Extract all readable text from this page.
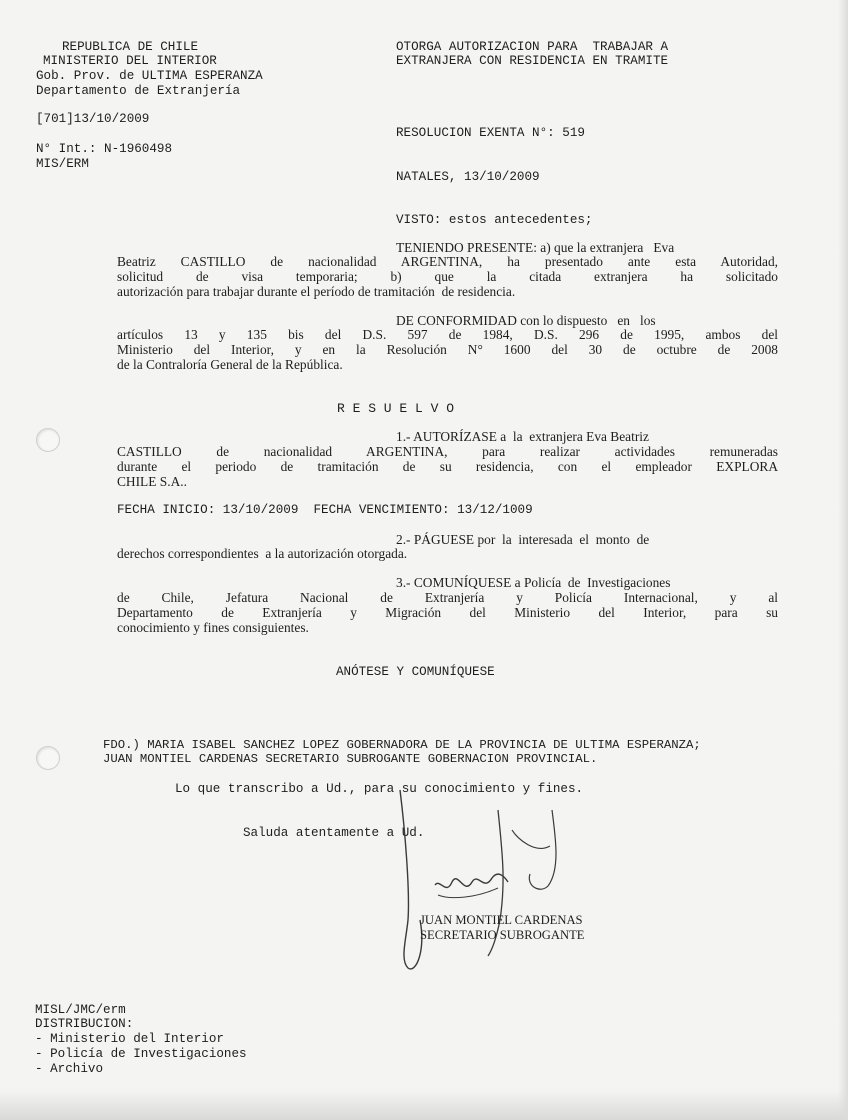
REPUBLICA DE CHILE
MINISTERIO DEL INTERIOR
Gob. Prov. de ULTIMA ESPERANZA
Departamento de Extranjería
[701]13/10/2009
N° Int.: N-1960498
MIS/ERM
OTORGA AUTORIZACION PARA  TRABAJAR A
EXTRANJERA CON RESIDENCIA EN TRAMITE
RESOLUCION EXENTA N°: 519
NATALES, 13/10/2009
VISTO: estos antecedentes;
TENIENDO PRESENTE: a) que la extranjera   Eva
Beatriz CASTILLO de nacionalidad ARGENTINA, ha presentado ante esta Autoridad,
solicitud de visa temporaria; b) que la citada extranjera ha solicitado
autorización para trabajar durante el período de tramitación  de residencia.
DE CONFORMIDAD con lo dispuesto   en   los
artículos 13 y 135 bis del D.S. 597 de 1984, D.S. 296 de 1995, ambos del
Ministerio del Interior, y en la Resolución N° 1600 del 30 de octubre de 2008
de la Contraloría General de la República.
R E S U E L V O
1.- AUTORÍZASE a  la  extranjera Eva Beatriz
CASTILLO de nacionalidad ARGENTINA, para realizar actividades remuneradas
durante el periodo de tramitación de su residencia, con el empleador EXPLORA
CHILE S.A..
FECHA INICIO: 13/10/2009  FECHA VENCIMIENTO: 13/12/1009
2.- PÁGUESE por  la  interesada  el  monto  de
derechos correspondientes  a la autorización otorgada.
3.- COMUNÍQUESE a Policía  de  Investigaciones
de Chile, Jefatura Nacional de Extranjería y Policía Internacional, y al
Departamento de Extranjería y Migración del Ministerio del Interior, para su
conocimiento y fines consiguientes.
ANÓTESE Y COMUNÍQUESE
FDO.) MARIA ISABEL SANCHEZ LOPEZ GOBERNADORA DE LA PROVINCIA DE ULTIMA ESPERANZA;
JUAN MONTIEL CARDENAS SECRETARIO SUBROGANTE GOBERNACION PROVINCIAL.
Lo que transcribo a Ud., para su conocimiento y fines.
Saluda atentamente a Ud.
JUAN MONTIEL CARDENAS
SECRETARIO SUBROGANTE
MISL/JMC/erm
DISTRIBUCION:
- Ministerio del Interior
- Policía de Investigaciones
- Archivo
